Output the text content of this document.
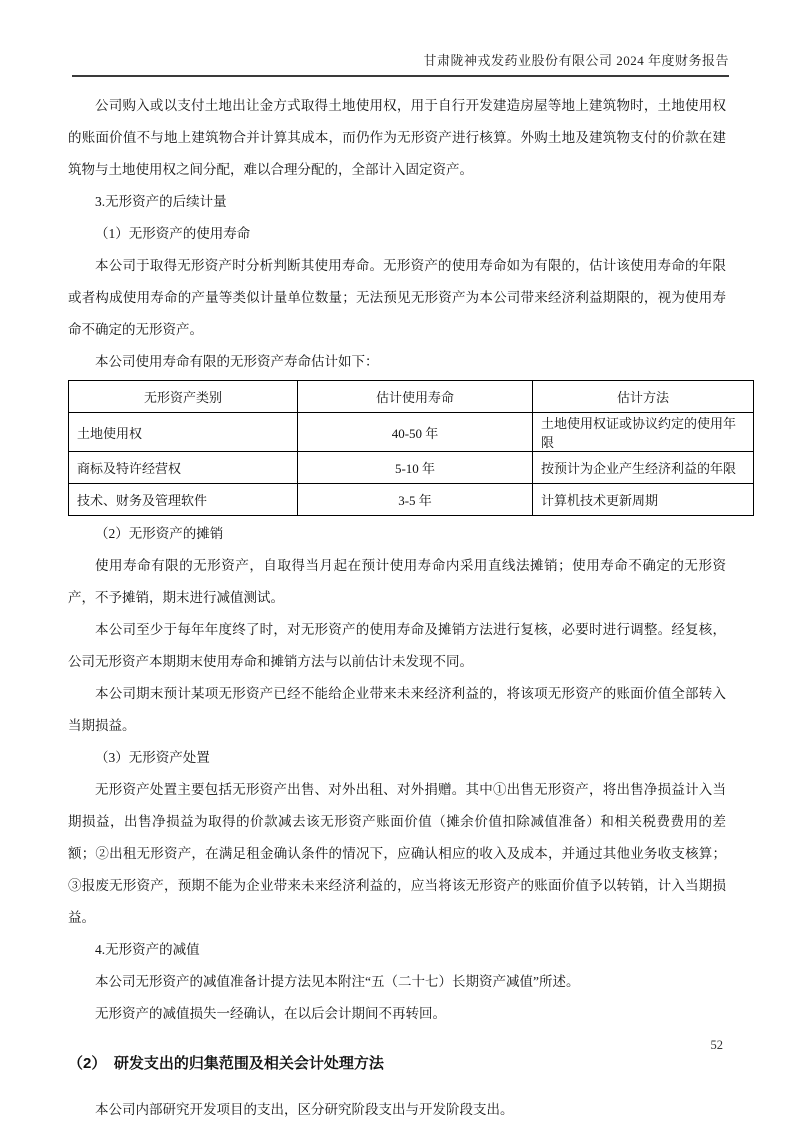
甘肃陇神戎发药业股份有限公司 2024 年度财务报告

公司购入或以支付土地出让金方式取得土地使用权，用于自行开发建造房屋等地上建筑物时，土地使用权的账面价值不与地上建筑物合并计算其成本，而仍作为无形资产进行核算。外购土地及建筑物支付的价款在建筑物与土地使用权之间分配，难以合理分配的，全部计入固定资产。

3.无形资产的后续计量

（1）无形资产的使用寿命

本公司于取得无形资产时分析判断其使用寿命。无形资产的使用寿命如为有限的，估计该使用寿命的年限或者构成使用寿命的产量等类似计量单位数量；无法预见无形资产为本公司带来经济利益期限的，视为使用寿命不确定的无形资产。

本公司使用寿命有限的无形资产寿命估计如下：

无形资产类别	估计使用寿命	估计方法
土地使用权	40-50 年	土地使用权证或协议约定的使用年限
商标及特许经营权	5-10 年	按预计为企业产生经济利益的年限
技术、财务及管理软件	3-5 年	计算机技术更新周期

（2）无形资产的摊销

使用寿命有限的无形资产，自取得当月起在预计使用寿命内采用直线法摊销；使用寿命不确定的无形资产，不予摊销，期末进行减值测试。

本公司至少于每年年度终了时，对无形资产的使用寿命及摊销方法进行复核，必要时进行调整。经复核，公司无形资产本期期末使用寿命和摊销方法与以前估计未发现不同。

本公司期末预计某项无形资产已经不能给企业带来未来经济利益的，将该项无形资产的账面价值全部转入当期损益。

（3）无形资产处置

无形资产处置主要包括无形资产出售、对外出租、对外捐赠。其中①出售无形资产，将出售净损益计入当期损益，出售净损益为取得的价款减去该无形资产账面价值（摊余价值扣除减值准备）和相关税费费用的差额；②出租无形资产，在满足租金确认条件的情况下，应确认相应的收入及成本，并通过其他业务收支核算；③报废无形资产，预期不能为企业带来未来经济利益的，应当将该无形资产的账面价值予以转销，计入当期损益。

4.无形资产的减值

本公司无形资产的减值准备计提方法见本附注“五（二十七）长期资产减值”所述。

无形资产的减值损失一经确认，在以后会计期间不再转回。

（2）　研发支出的归集范围及相关会计处理方法

本公司内部研究开发项目的支出，区分研究阶段支出与开发阶段支出。

52
